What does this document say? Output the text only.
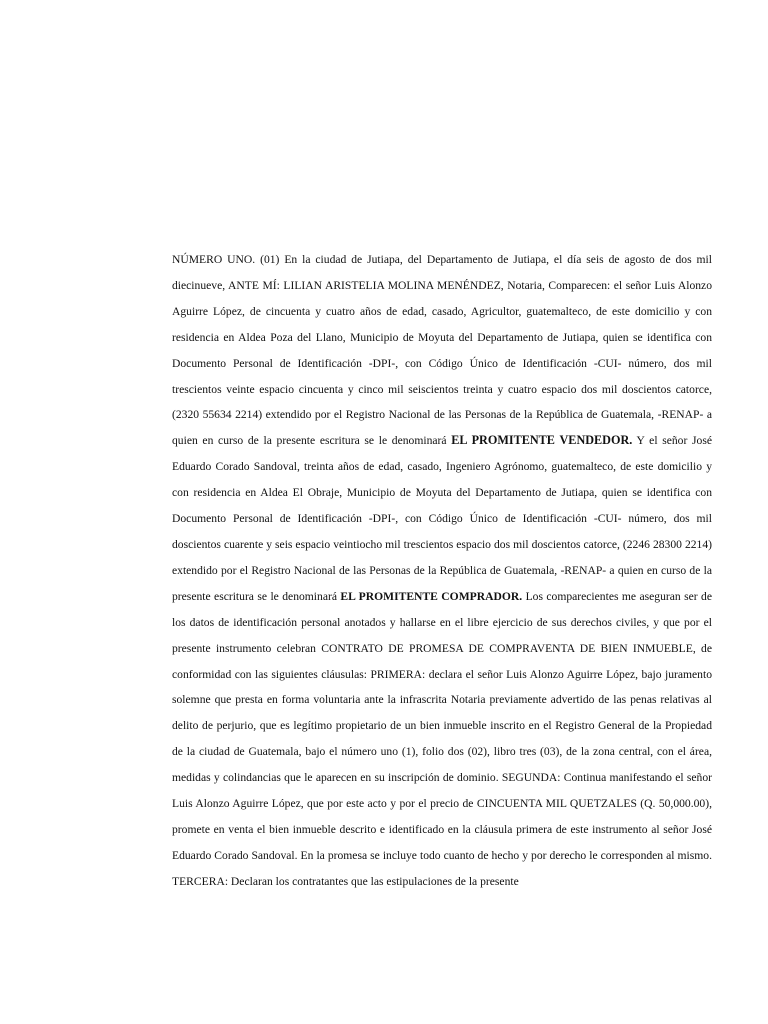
NÚMERO UNO. (01) En la ciudad de Jutiapa, del Departamento de Jutiapa, el día seis de agosto de dos mil diecinueve, ANTE MÍ: LILIAN ARISTELIA MOLINA MENÉNDEZ, Notaria, Comparecen: el señor Luis Alonzo Aguirre López, de cincuenta y cuatro años de edad, casado, Agricultor, guatemalteco, de este domicilio y con residencia en Aldea Poza del Llano, Municipio de Moyuta del Departamento de Jutiapa, quien se identifica con Documento Personal de Identificación -DPI-, con Código Único de Identificación -CUI- número, dos mil trescientos veinte espacio cincuenta y cinco mil seiscientos treinta y cuatro espacio dos mil doscientos catorce, (2320 55634 2214) extendido por el Registro Nacional de las Personas de la República de Guatemala, -RENAP- a quien en curso de la presente escritura se le denominará EL PROMITENTE VENDEDOR. Y el señor José Eduardo Corado Sandoval, treinta años de edad, casado, Ingeniero Agrónomo, guatemalteco, de este domicilio y con residencia en Aldea El Obraje, Municipio de Moyuta del Departamento de Jutiapa, quien se identifica con Documento Personal de Identificación -DPI-, con Código Único de Identificación -CUI- número, dos mil doscientos cuarente y seis espacio veintiocho mil trescientos espacio dos mil doscientos catorce, (2246 28300 2214) extendido por el Registro Nacional de las Personas de la República de Guatemala, -RENAP- a quien en curso de la presente escritura se le denominará EL PROMITENTE COMPRADOR. Los comparecientes me aseguran ser de los datos de identificación personal anotados y hallarse en el libre ejercicio de sus derechos civiles, y que por el presente instrumento celebran CONTRATO DE PROMESA DE COMPRAVENTA DE BIEN INMUEBLE, de conformidad con las siguientes cláusulas: PRIMERA: declara el señor Luis Alonzo Aguirre López, bajo juramento solemne que presta en forma voluntaria ante la infrascrita Notaria previamente advertido de las penas relativas al delito de perjurio, que es legítimo propietario de un bien inmueble inscrito en el Registro General de la Propiedad de la ciudad de Guatemala, bajo el número uno (1), folio dos (02), libro tres (03), de la zona central, con el área, medidas y colindancias que le aparecen en su inscripción de dominio. SEGUNDA: Continua manifestando el señor Luis Alonzo Aguirre López, que por este acto y por el precio de CINCUENTA MIL QUETZALES (Q. 50,000.00), promete en venta el bien inmueble descrito e identificado en la cláusula primera de este instrumento al señor José Eduardo Corado Sandoval. En la promesa se incluye todo cuanto de hecho y por derecho le corresponden al mismo. TERCERA: Declaran los contratantes que las estipulaciones de la presente
